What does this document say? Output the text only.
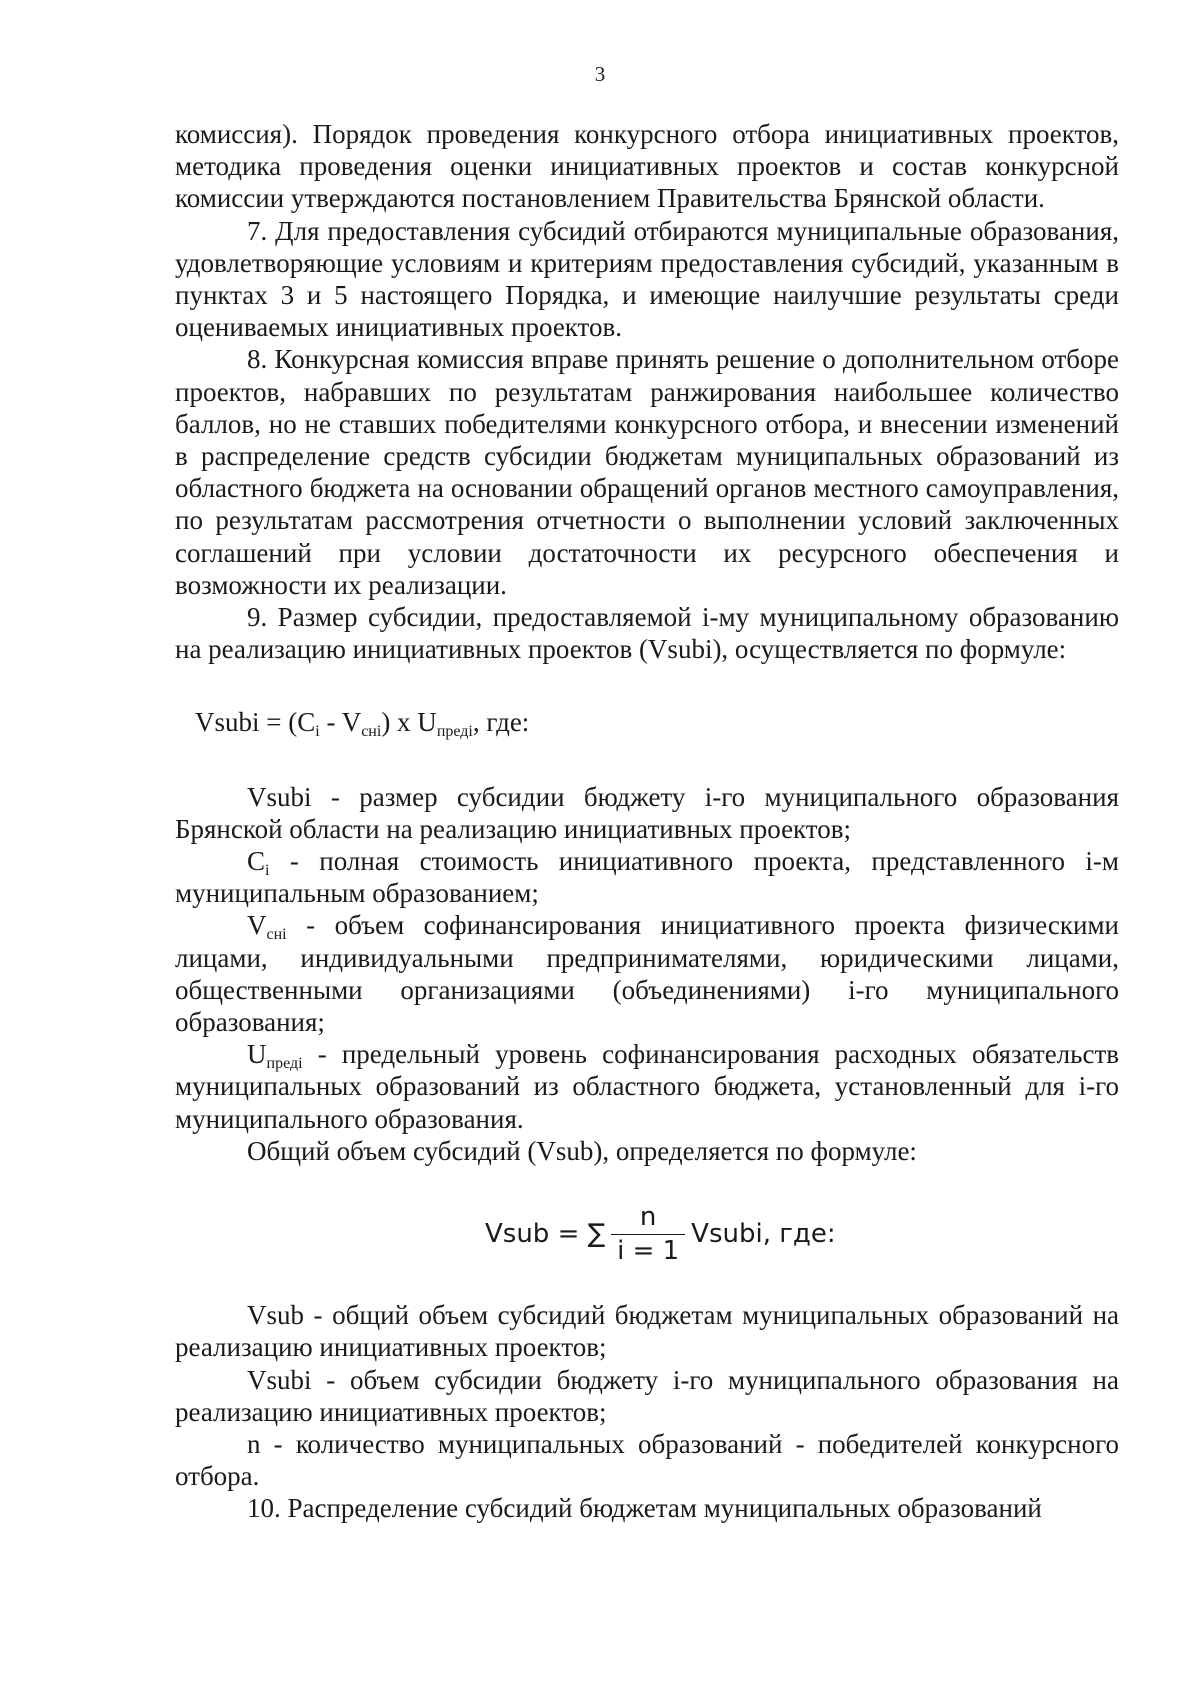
3

комиссия). Порядок проведения конкурсного отбора инициативных проектов, методика проведения оценки инициативных проектов и состав конкурсной комиссии утверждаются постановлением Правительства Брянской области.

7. Для предоставления субсидий отбираются муниципальные образования, удовлетворяющие условиям и критериям предоставления субсидий, указанным в пунктах 3 и 5 настоящего Порядка, и имеющие наилучшие результаты среди оцениваемых инициативных проектов.

8. Конкурсная комиссия вправе принять решение о дополнительном отборе проектов, набравших по результатам ранжирования наибольшее количество баллов, но не ставших победителями конкурсного отбора, и внесении изменений в распределение средств субсидии бюджетам муниципальных образований из областного бюджета на основании обращений органов местного самоуправления, по результатам рассмотрения отчетности о выполнении условий заключенных соглашений при условии достаточности их ресурсного обеспечения и возможности их реализации.

9. Размер субсидии, предоставляемой i-му муниципальному образованию на реализацию инициативных проектов (Vsubi), осуществляется по формуле:

Vsubi = $(C_i - V_{сні})$ x $U_{преді}$, где:

Vsubi - размер субсидии бюджету i-го муниципального образования Брянской области на реализацию инициативных проектов;

$C_i$ - полная стоимость инициативного проекта, представленного i-м муниципальным образованием;

$V_{сні}$ - объем софинансирования инициативного проекта физическими лицами, индивидуальными предпринимателями, юридическими лицами, общественными организациями (объединениями) i-го муниципального образования;

$U_{преді}$ - предельный уровень софинансирования расходных обязательств муниципальных образований из областного бюджета, установленный для i-го муниципального образования.

Общий объем субсидий (Vsub), определяется по формуле:

Vsub = ∑ $\frac{n}{i = 1}$ Vsubi, где:

Vsub - общий объем субсидий бюджетам муниципальных образований на реализацию инициативных проектов;

Vsubi - объем субсидии бюджету i-го муниципального образования на реализацию инициативных проектов;

n - количество муниципальных образований - победителей конкурсного отбора.

10. Распределение субсидий бюджетам муниципальных образований
